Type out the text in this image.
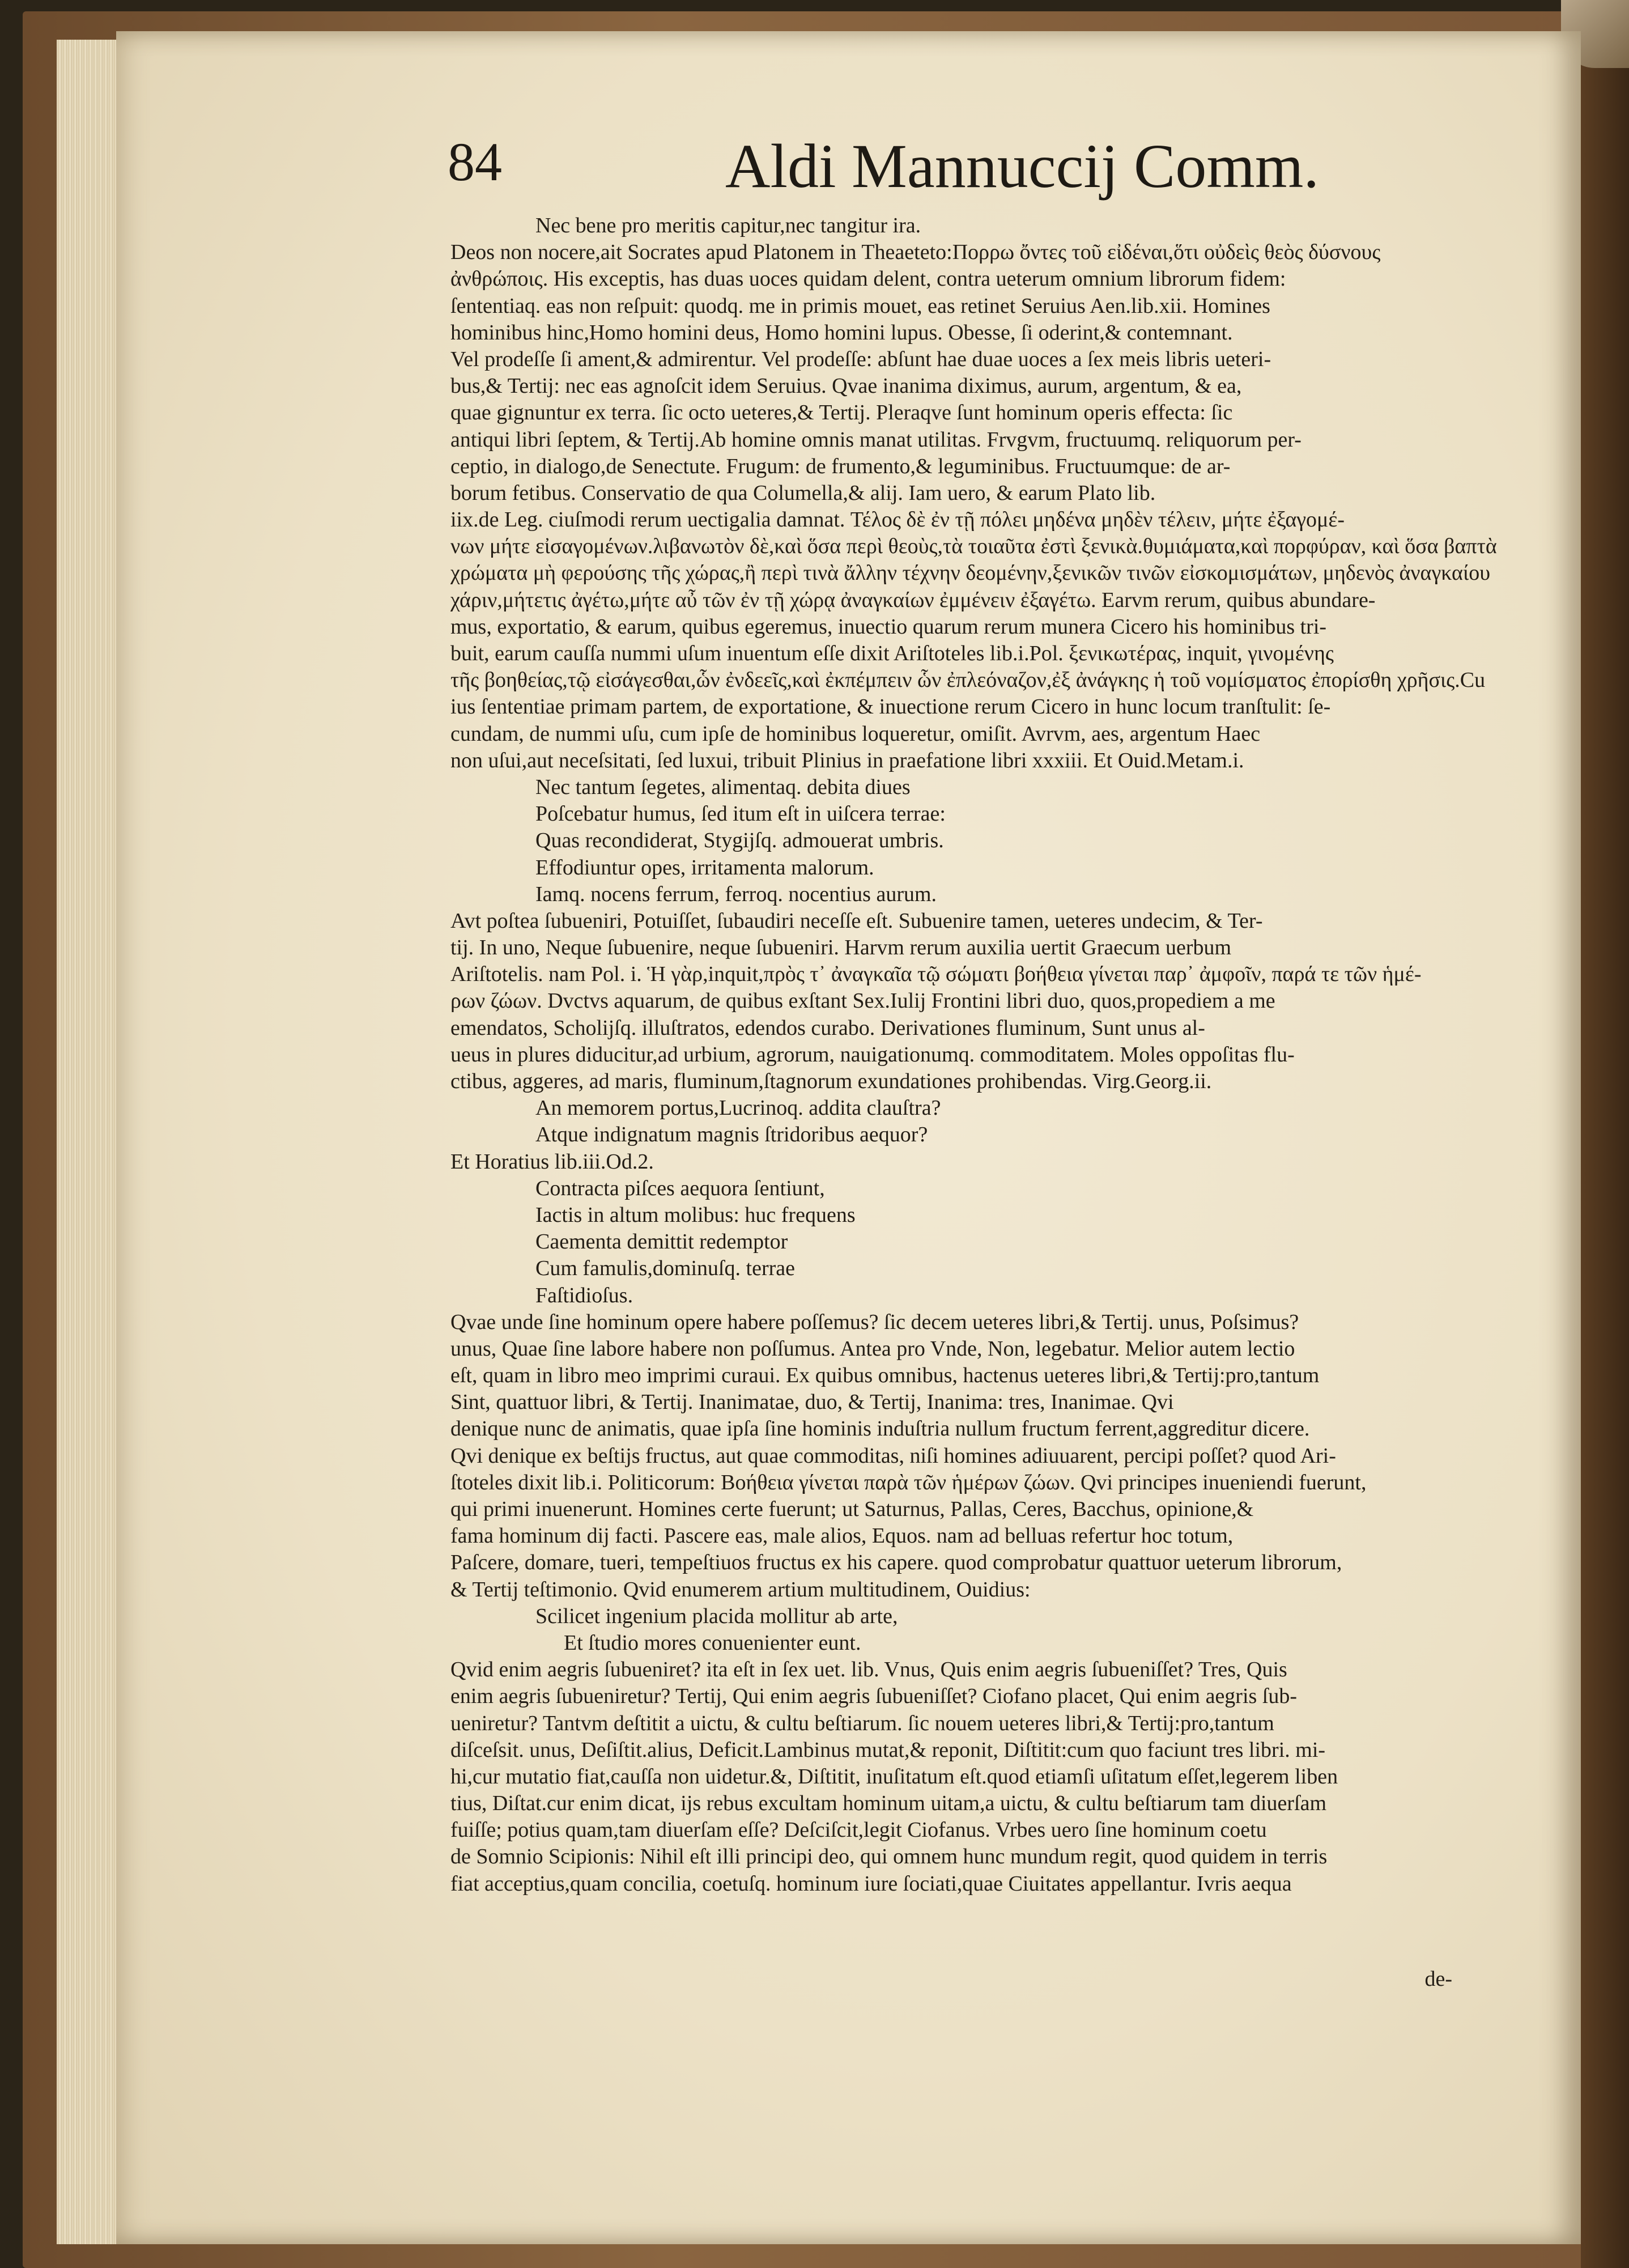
84	Aldi Mannuccij Comm.
Nec bene pro meritis capitur,nec tangitur ira.
Deos non nocere,ait Socrates apud Platonem in Theaeteto:Πορρω ὄντες τοῦ εἰδέναι,ὅτι οὐδεὶς θεὸς δύσνους
ἀνθρώποις. His exceptis, has duas uoces quidam delent, contra ueterum omnium librorum fidem:
ſententiaq. eas non reſpuit: quodq. me in primis mouet, eas retinet Seruius Aen.lib.xii. Homines
hominibus hinc,Homo homini deus, Homo homini lupus. Obesse, ſi oderint,& contemnant.
Vel prodeſſe ſi ament,& admirentur. Vel prodeſſe: abſunt hae duae uoces a ſex meis libris ueteri-
bus,& Tertij: nec eas agnoſcit idem Seruius. Qvae inanima diximus, aurum, argentum, & ea,
quae gignuntur ex terra. ſic octo ueteres,& Tertij. Pleraqve ſunt hominum operis effecta: ſic
antiqui libri ſeptem, & Tertij.Ab homine omnis manat utilitas. Frvgvm, fructuumq. reliquorum per-
ceptio, in dialogo,de Senectute. Frugum: de frumento,& leguminibus. Fructuumque: de ar-
borum fetibus. Conservatio de qua Columella,& alij. Iam uero, & earum Plato lib.
iix.de Leg. ciuſmodi rerum uectigalia damnat. Τέλος δὲ ἐν τῇ πόλει μηδένα μηδὲν τέλειν, μήτε ἐξαγομέ-
νων μήτε εἰσαγομένων.λιβανωτὸν δὲ,καὶ ὅσα περὶ θεοὺς,τὰ τοιαῦτα ἐστὶ ξενικὰ.θυμιάματα,καὶ πορφύραν, καὶ ὅσα βαπτὰ
χρώματα μὴ φερούσης τῆς χώρας,ἢ περὶ τινὰ ἄλλην τέχνην δεομένην,ξενικῶν τινῶν εἰσκομισμάτων, μηδενὸς ἀναγκαίου
χάριν,μήτετις ἀγέτω,μήτε αὖ τῶν ἐν τῇ χώρᾳ ἀναγκαίων ἐμμένειν ἐξαγέτω. Earvm rerum, quibus abundare-
mus, exportatio, & earum, quibus egeremus, inuectio quarum rerum munera Cicero his hominibus tri-
buit, earum cauſſa nummi uſum inuentum eſſe dixit Ariſtoteles lib.i.Pol. ξενικωτέρας, inquit, γινομένης
τῆς βοηθείας,τῷ εἰσάγεσθαι,ὧν ἐνδεεῖς,καὶ ἐκπέμπειν ὧν ἐπλεόναζον,ἐξ ἀνάγκης ἡ τοῦ νομίσματος ἐπορίσθη χρῆσις.Cu
ius ſententiae primam partem, de exportatione, & inuectione rerum Cicero in hunc locum tranſtulit: ſe-
cundam, de nummi uſu, cum ipſe de hominibus loqueretur, omiſit. Avrvm, aes, argentum Haec
non uſui,aut neceſsitati, ſed luxui, tribuit Plinius in praefatione libri xxxiii. Et Ouid.Metam.i.
Nec tantum ſegetes, alimentaq. debita diues
Poſcebatur humus, ſed itum eſt in uiſcera terrae:
Quas recondiderat, Stygijſq. admouerat umbris.
Effodiuntur opes, irritamenta malorum.
Iamq. nocens ferrum, ferroq. nocentius aurum.
Avt poſtea ſubueniri, Potuiſſet, ſubaudiri neceſſe eſt. Subuenire tamen, ueteres undecim, & Ter-
tij. In uno, Neque ſubuenire, neque ſubueniri. Harvm rerum auxilia uertit Graecum uerbum
Ariſtotelis. nam Pol. i. Ἡ γὰρ,inquit,πρὸς τ᾽ ἀναγκαῖα τῷ σώματι βοήθεια γίνεται παρ᾽ ἀμφοῖν, παρά τε τῶν ἡμέ-
ρων ζώων. Dvctvs aquarum, de quibus exſtant Sex.Iulij Frontini libri duo, quos,propediem a me
emendatos, Scholijſq. illuſtratos, edendos curabo. Derivationes fluminum, Sunt unus al-
ueus in plures diducitur,ad urbium, agrorum, nauigationumq. commoditatem. Moles oppoſitas flu-
ctibus, aggeres, ad maris, fluminum,ſtagnorum exundationes prohibendas. Virg.Georg.ii.
An memorem portus,Lucrinoq. addita clauſtra?
Atque indignatum magnis ſtridoribus aequor?
Et Horatius lib.iii.Od.2.
Contracta piſces aequora ſentiunt,
Iactis in altum molibus: huc frequens
Caementa demittit redemptor
Cum famulis,dominuſq. terrae
Faſtidioſus.
Qvae unde ſine hominum opere habere poſſemus? ſic decem ueteres libri,& Tertij. unus, Poſsimus?
unus, Quae ſine labore habere non poſſumus. Antea pro Vnde, Non, legebatur. Melior autem lectio
eſt, quam in libro meo imprimi curaui. Ex quibus omnibus, hactenus ueteres libri,& Tertij:pro,tantum
Sint, quattuor libri, & Tertij. Inanimatae, duo, & Tertij, Inanima: tres, Inanimae. Qvi
denique nunc de animatis, quae ipſa ſine hominis induſtria nullum fructum ferrent,aggreditur dicere.
Qvi denique ex beſtijs fructus, aut quae commoditas, niſi homines adiuuarent, percipi poſſet? quod Ari-
ſtoteles dixit lib.i. Politicorum: Βοήθεια γίνεται παρὰ τῶν ἡμέρων ζώων. Qvi principes inueniendi fuerunt,
qui primi inuenerunt. Homines certe fuerunt; ut Saturnus, Pallas, Ceres, Bacchus, opinione,&
fama hominum dij facti. Pascere eas, male alios, Equos. nam ad belluas refertur hoc totum,
Paſcere, domare, tueri, tempeſtiuos fructus ex his capere. quod comprobatur quattuor ueterum librorum,
& Tertij teſtimonio. Qvid enumerem artium multitudinem, Ouidius:
Scilicet ingenium placida mollitur ab arte,
Et ſtudio mores conuenienter eunt.
Qvid enim aegris ſubueniret? ita eſt in ſex uet. lib. Vnus, Quis enim aegris ſubueniſſet? Tres, Quis
enim aegris ſubueniretur? Tertij, Qui enim aegris ſubueniſſet? Ciofano placet, Qui enim aegris ſub-
ueniretur? Tantvm deſtitit a uictu, & cultu beſtiarum. ſic nouem ueteres libri,& Tertij:pro,tantum
diſceſsit. unus, Deſiſtit.alius, Deficit.Lambinus mutat,& reponit, Diſtitit:cum quo faciunt tres libri. mi-
hi,cur mutatio fiat,cauſſa non uidetur.&, Diſtitit, inuſitatum eſt.quod etiamſi uſitatum eſſet,legerem liben
tius, Diſtat.cur enim dicat, ijs rebus excultam hominum uitam,a uictu, & cultu beſtiarum tam diuerſam
fuiſſe; potius quam,tam diuerſam eſſe? Deſciſcit,legit Ciofanus. Vrbes uero ſine hominum coetu
de Somnio Scipionis: Nihil eſt illi principi deo, qui omnem hunc mundum regit, quod quidem in terris
fiat acceptius,quam concilia, coetuſq. hominum iure ſociati,quae Ciuitates appellantur. Ivris aequa
de-
